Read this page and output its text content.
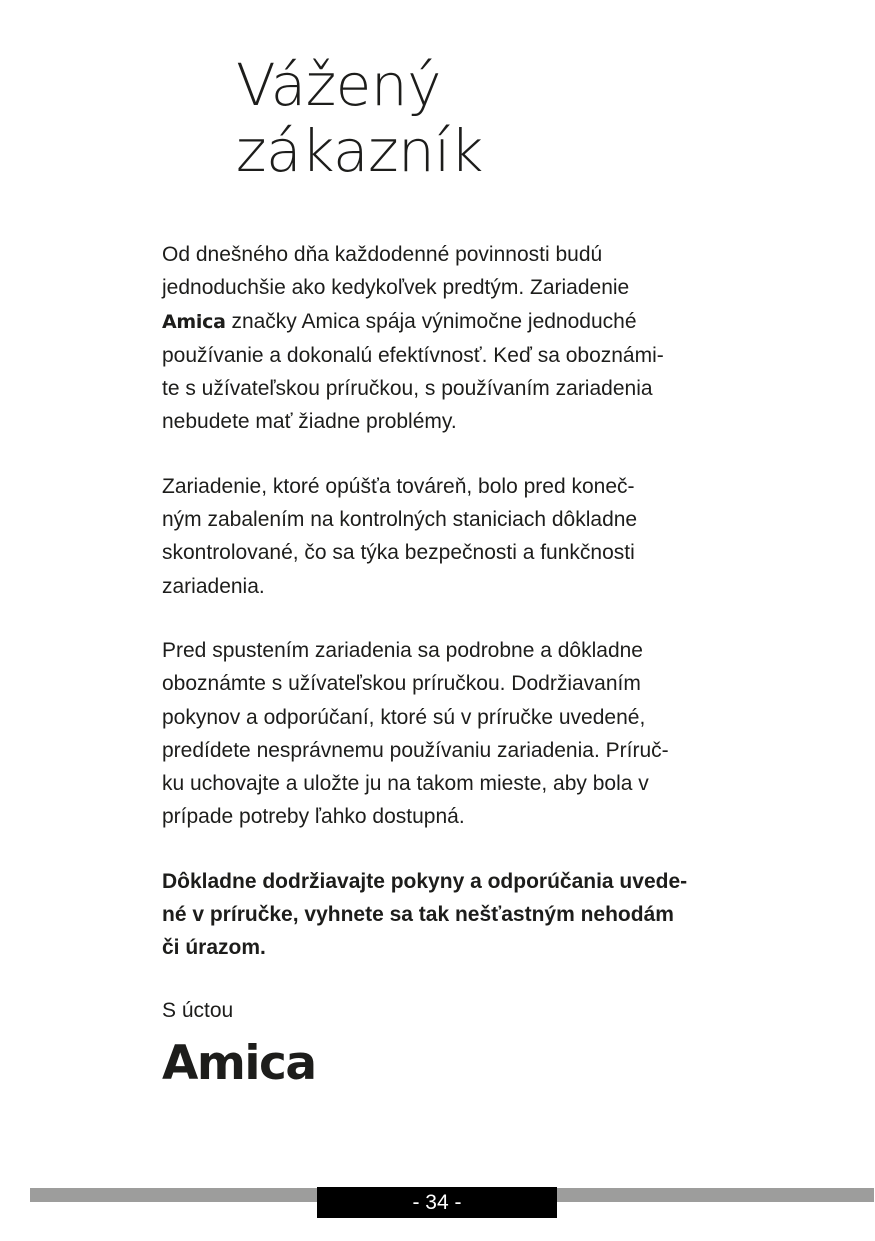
Vážený
zákazník

Od dnešného dňa každodenné povinnosti budú
jednoduchšie ako kedykoľvek predtým. Zariadenie
Amica značky Amica spája výnimočne jednoduché
používanie a dokonalú efektívnosť. Keď sa oboznámi-
te s užívateľskou príručkou, s používaním zariadenia
nebudete mať žiadne problémy.

Zariadenie, ktoré opúšťa továreň, bolo pred koneč-
ným zabalením na kontrolných staniciach dôkladne
skontrolované, čo sa týka bezpečnosti a funkčnosti
zariadenia.

Pred spustením zariadenia sa podrobne a dôkladne
oboznámte s užívateľskou príručkou. Dodržiavaním
pokynov a odporúčaní, ktoré sú v príručke uvedené,
predídete nesprávnemu používaniu zariadenia. Príruč-
ku uchovajte a uložte ju na takom mieste, aby bola v
prípade potreby ľahko dostupná.

Dôkladne dodržiavajte pokyny a odporúčania uvede-
né v príručke, vyhnete sa tak nešťastným nehodám
či úrazom.

S úctou
Amica
- 34 -
